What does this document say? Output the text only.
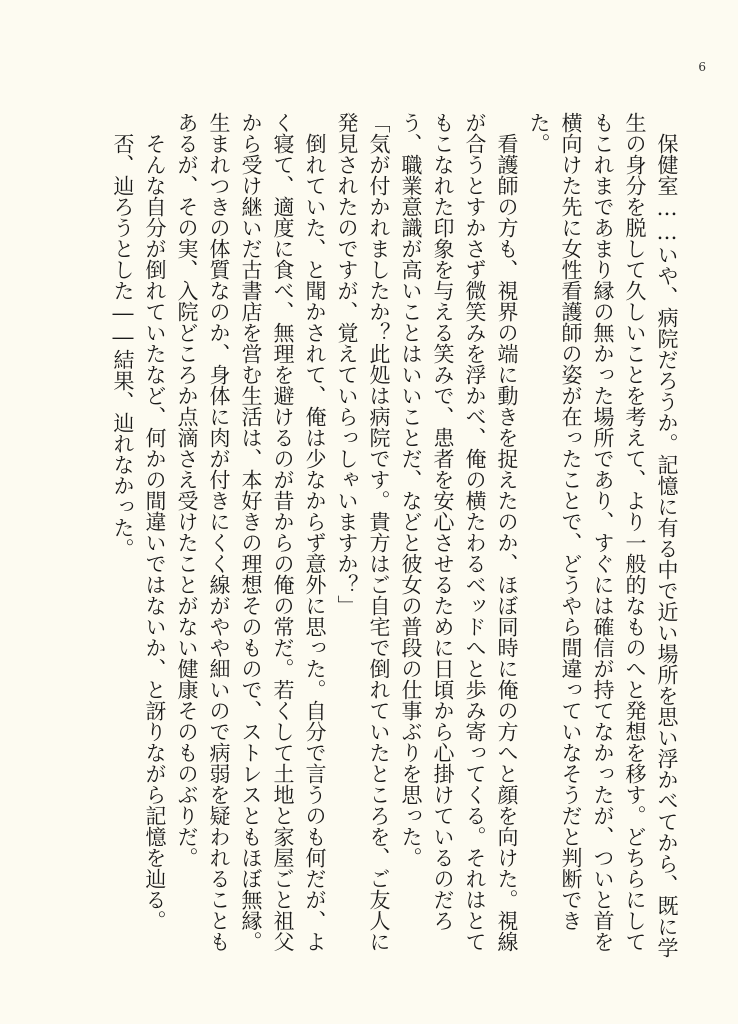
6

保健室……いや、病院だろうか。記憶に有る中で近い場所を思い浮かべてから、既に学生の身分を脱して久しいことを考えて、より一般的なものへと発想を移す。どちらにしてもこれまであまり縁の無かった場所であり、すぐには確信が持てなかったが、ついと首を横向けた先に女性看護師の姿が在ったことで、どうやら間違っていなそうだと判断できた。

看護師の方も、視界の端に動きを捉えたのか、ほぼ同時に俺の方へと顔を向けた。視線が合うとすかさず微笑みを浮かべ、俺の横たわるベッドへと歩み寄ってくる。それはとてもこなれた印象を与える笑みで、患者を安心させるために日頃から心掛けているのだろう、職業意識が高いことはいいことだ、などと彼女の普段の仕事ぶりを思った。

「気が付かれましたか？此処は病院です。貴方はご自宅で倒れていたところを、ご友人に発見されたのですが、覚えていらっしゃいますか？」

倒れていた、と聞かされて、俺は少なからず意外に思った。自分で言うのも何だが、よく寝て、適度に食べ、無理を避けるのが昔からの俺の常だ。若くして土地と家屋ごと祖父から受け継いだ古書店を営む生活は、本好きの理想そのもので、ストレスともほぼ無縁。生まれつきの体質なのか、身体に肉が付きにくく線がやや細いので病弱を疑われることもあるが、その実、入院どころか点滴さえ受けたことがない健康そのものぶりだ。

そんな自分が倒れていたなど、何かの間違いではないか、と訝りながら記憶を辿る。

否、辿ろうとした――結果、辿れなかった。
